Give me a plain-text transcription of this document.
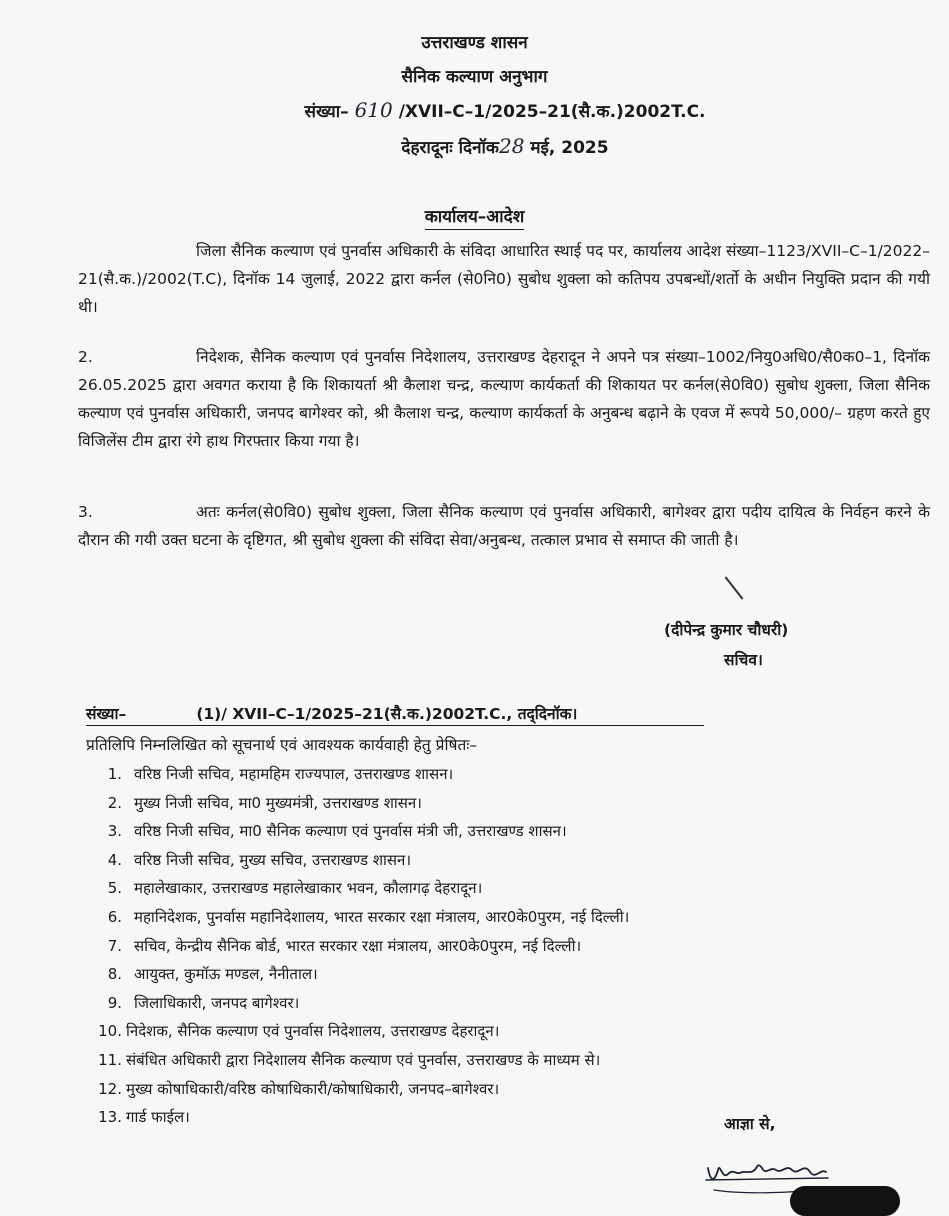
उत्तराखण्ड शासन
सैनिक कल्याण अनुभाग
संख्या– 610 /XVII–C–1/2025–21(सै.क.)2002T.C.
देहरादूनः दिनॉक28 मई, 2025
कार्यालय–आदेश
जिला सैनिक कल्याण एवं पुनर्वास अधिकारी के संविदा आधारित स्थाई पद पर, कार्यालय आदेश संख्या–1123/XVII–C–1/2022–21(सै.क.)/2002(T.C), दिनॉक 14 जुलाई, 2022 द्वारा कर्नल (से0नि0) सुबोध शुक्ला को कतिपय उपबन्धों/शर्तो के अधीन नियुक्ति प्रदान की गयी थी।
2.	निदेशक, सैनिक कल्याण एवं पुनर्वास निदेशालय, उत्तराखण्ड देहरादून ने अपने पत्र संख्या–1002/नियु0अधि0/सै0क0–1, दिनॉक 26.05.2025 द्वारा अवगत कराया है कि शिकायर्ता श्री कैलाश चन्द्र, कल्याण कार्यकर्ता की शिकायत पर कर्नल(से0वि0) सुबोध शुक्ला, जिला सैनिक कल्याण एवं पुनर्वास अधिकारी, जनपद बागेश्वर को, श्री कैलाश चन्द्र, कल्याण कार्यकर्ता के अनुबन्ध बढ़ाने के एवज में रूपये 50,000/– ग्रहण करते हुए विजिलेंस टीम द्वारा रंगे हाथ गिरफ्तार किया गया है।
3.	अतः कर्नल(से0वि0) सुबोध शुक्ला, जिला सैनिक कल्याण एवं पुनर्वास अधिकारी, बागेश्वर द्वारा पदीय दायित्व के निर्वहन करने के दौरान की गयी उक्त घटना के दृष्टिगत, श्री सुबोध शुक्ला की संविदा सेवा/अनुबन्ध, तत्काल प्रभाव से समाप्त की जाती है।
(दीपेन्द्र कुमार चौधरी)
सचिव।
संख्या–	(1)/ XVII–C–1/2025–21(सै.क.)2002T.C., तद्‌दिनॉक।
प्रतिलिपि निम्नलिखित को सूचनार्थ एवं आवश्यक कार्यवाही हेतु प्रेषितः–
1. वरिष्ठ निजी सचिव, महामहिम राज्यपाल, उत्तराखण्ड शासन।
2. मुख्य निजी सचिव, मा0 मुख्यमंत्री, उत्तराखण्ड शासन।
3. वरिष्ठ निजी सचिव, मा0 सैनिक कल्याण एवं पुनर्वास मंत्री जी, उत्तराखण्ड शासन।
4. वरिष्ठ निजी सचिव, मुख्य सचिव, उत्तराखण्ड शासन।
5. महालेखाकार, उत्तराखण्ड महालेखाकार भवन, कौलागढ़ देहरादून।
6. महानिदेशक, पुनर्वास महानिदेशालय, भारत सरकार रक्षा मंत्रालय, आर0के0पुरम, नई दिल्ली।
7. सचिव, केन्द्रीय सैनिक बोर्ड, भारत सरकार रक्षा मंत्रालय, आर0के0पुरम, नई दिल्ली।
8. आयुक्त, कुमॉऊ मण्डल, नैनीताल।
9. जिलाधिकारी, जनपद बागेश्वर।
10. निदेशक, सैनिक कल्याण एवं पुनर्वास निदेशालय, उत्तराखण्ड देहरादून।
11. संबंधित अधिकारी द्वारा निदेशालय सैनिक कल्याण एवं पुनर्वास, उत्तराखण्ड के माध्यम से।
12. मुख्य कोषाधिकारी/वरिष्ठ कोषाधिकारी/कोषाधिकारी, जनपद–बागेश्वर।
13. गार्ड फाईल।	आज्ञा से,
